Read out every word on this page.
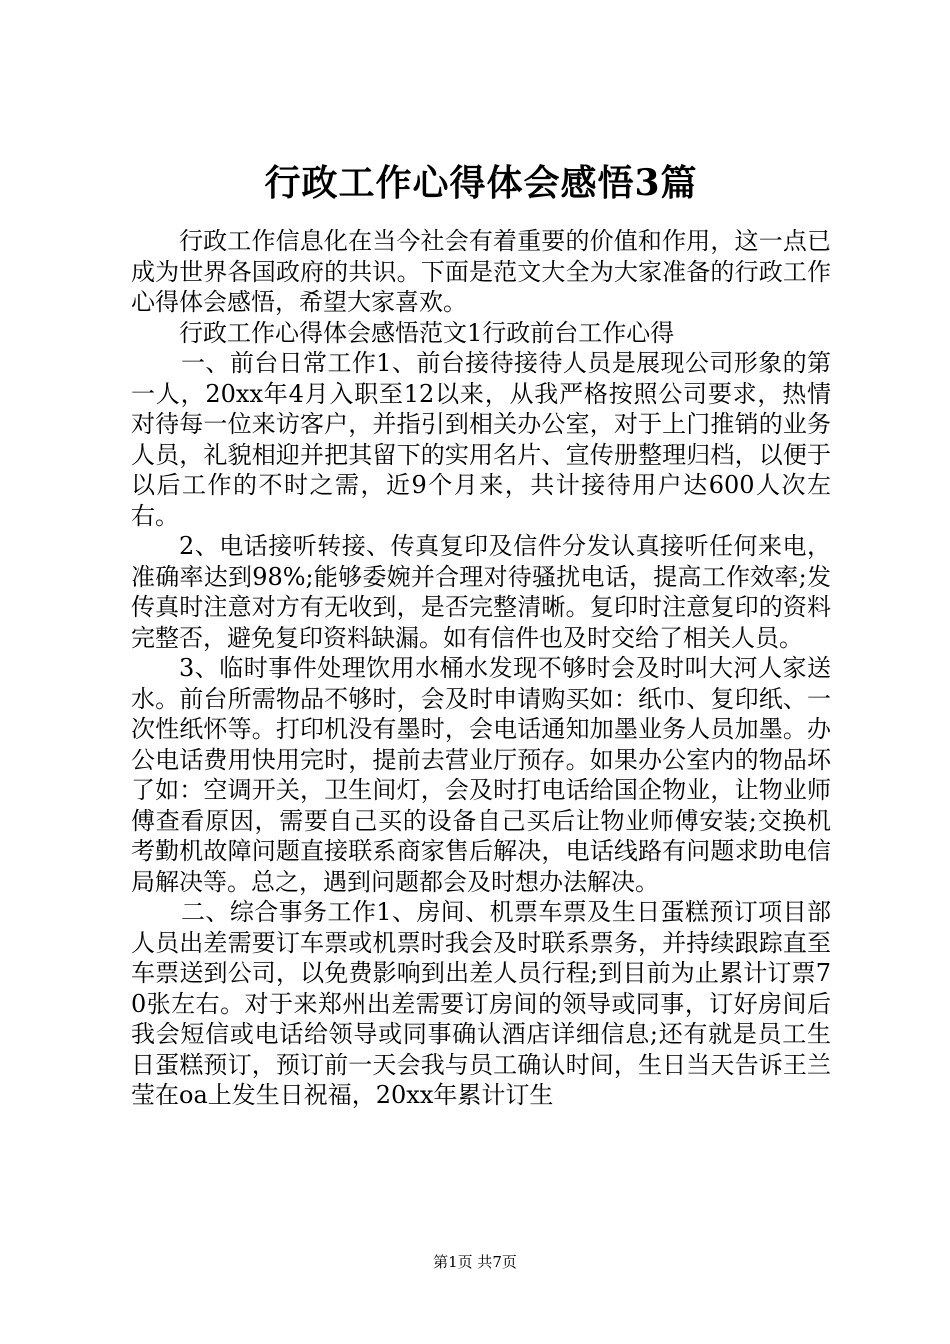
行政工作心得体会感悟3篇

行政工作信息化在当今社会有着重要的价值和作用，这一点已成为世界各国政府的共识。下面是范文大全为大家准备的行政工作心得体会感悟，希望大家喜欢。

行政工作心得体会感悟范文1行政前台工作心得

一、前台日常工作1、前台接待接待人员是展现公司形象的第一人，20xx年4月入职至12以来，从我严格按照公司要求，热情对待每一位来访客户，并指引到相关办公室，对于上门推销的业务人员，礼貌相迎并把其留下的实用名片、宣传册整理归档，以便于以后工作的不时之需，近9个月来，共计接待用户达600人次左右。

2、电话接听转接、传真复印及信件分发认真接听任何来电，准确率达到98%;能够委婉并合理对待骚扰电话，提高工作效率;发传真时注意对方有无收到，是否完整清晰。复印时注意复印的资料完整否，避免复印资料缺漏。如有信件也及时交给了相关人员。

3、临时事件处理饮用水桶水发现不够时会及时叫大河人家送水。前台所需物品不够时，会及时申请购买如：纸巾、复印纸、一次性纸怀等。打印机没有墨时，会电话通知加墨业务人员加墨。办公电话费用快用完时，提前去营业厅预存。如果办公室内的物品坏了如：空调开关，卫生间灯，会及时打电话给国企物业，让物业师傅查看原因，需要自己买的设备自己买后让物业师傅安装;交换机考勤机故障问题直接联系商家售后解决，电话线路有问题求助电信局解决等。总之，遇到问题都会及时想办法解决。

二、综合事务工作1、房间、机票车票及生日蛋糕预订项目部人员出差需要订车票或机票时我会及时联系票务，并持续跟踪直至车票送到公司，以免费影响到出差人员行程;到目前为止累计订票70张左右。对于来郑州出差需要订房间的领导或同事，订好房间后我会短信或电话给领导或同事确认酒店详细信息;还有就是员工生日蛋糕预订，预订前一天会我与员工确认时间，生日当天告诉王兰莹在oa上发生日祝福，20xx年累计订生

第1页 共7页
